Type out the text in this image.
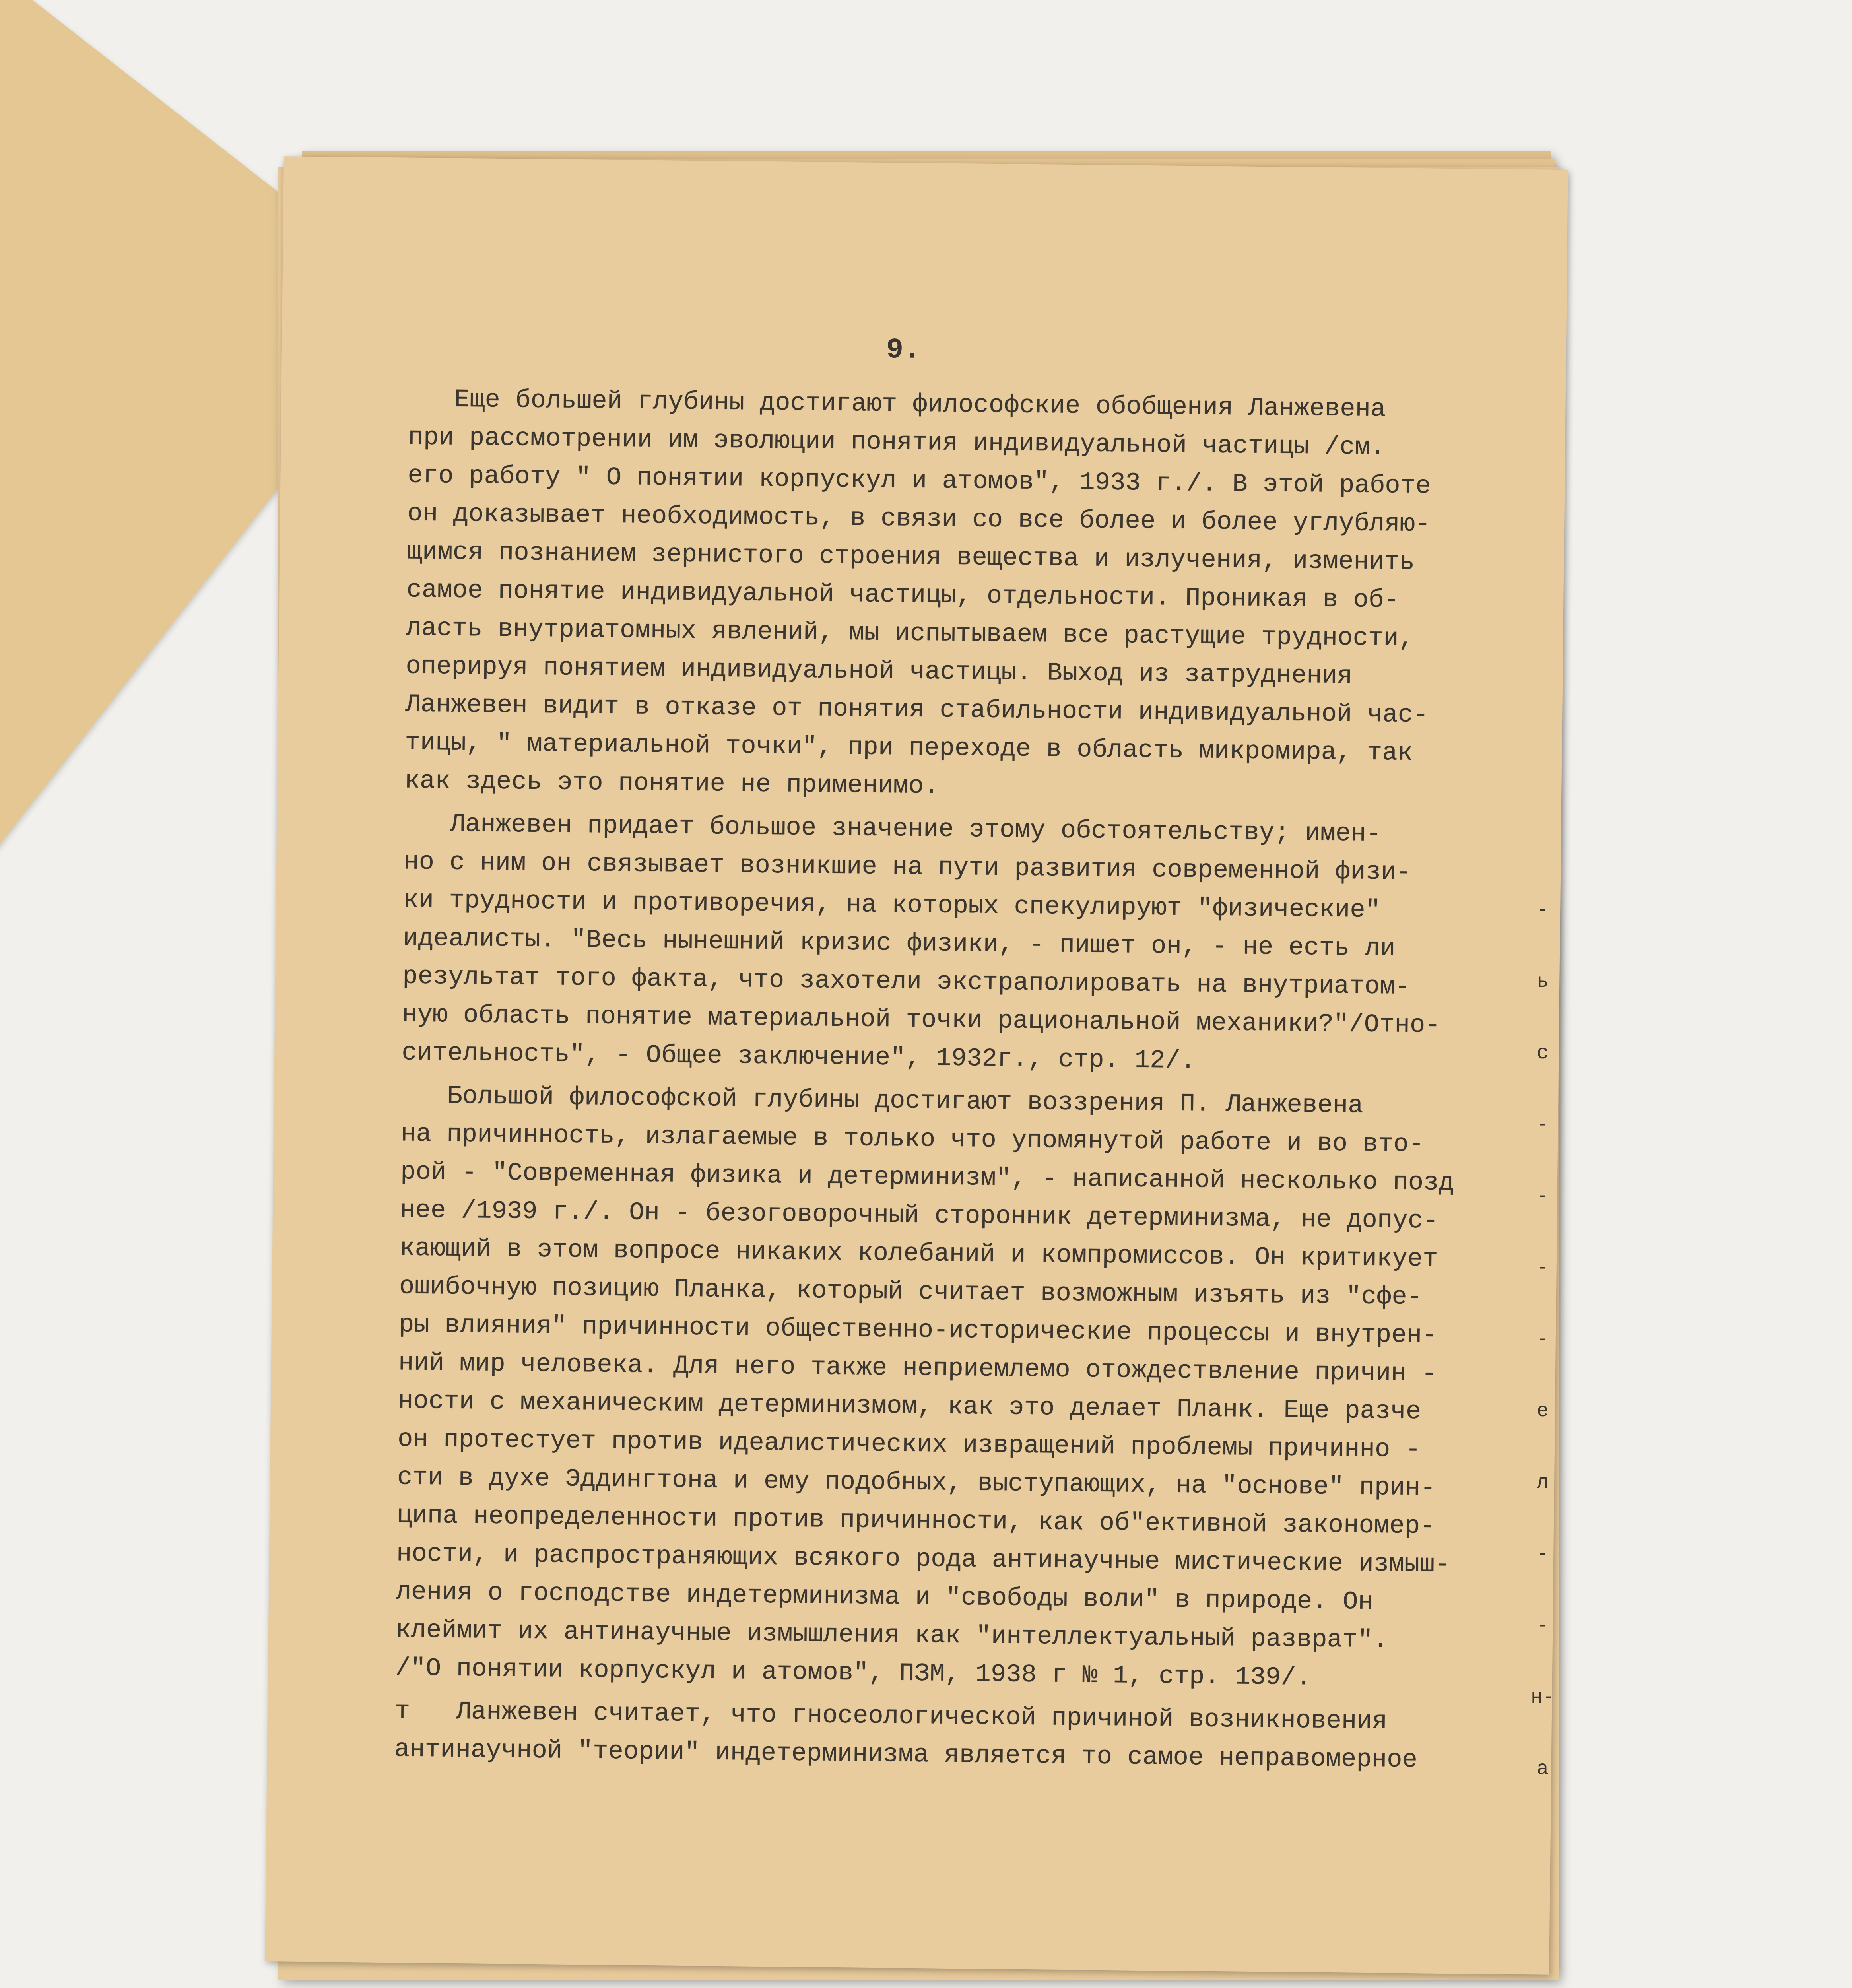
9.
Еще большей глубины достигают философские обобщения Ланжевена
при рассмотрении им эволюции понятия индивидуальной частицы /см.
его работу " О понятии корпускул и атомов", 1933 г./. В этой работе
он доказывает необходимость, в связи со все более и более углубляю-
щимся познанием зернистого строения вещества и излучения, изменить
самое понятие индивидуальной частицы, отдельности. Проникая в об-
ласть внутриатомных явлений, мы испытываем все растущие трудности,
оперируя понятием индивидуальной частицы. Выход из затруднения
Ланжевен видит в отказе от понятия стабильности индивидуальной час-
тицы, " материальной точки", при переходе в область микромира, так
как здесь это понятие не применимо.
Ланжевен придает большое значение этому обстоятельству; имен-
но с ним он связывает возникшие на пути развития современной физи-
ки трудности и противоречия, на которых спекулируют "физические"
идеалисты. "Весь нынешний кризис физики, - пишет он, - не есть ли
результат того факта, что захотели экстраполировать на внутриатом-
ную область понятие материальной точки рациональной механики?"/Отно-
сительность", - Общее заключение", 1932г., стр. 12/.
Большой философской глубины достигают воззрения П. Ланжевена
на причинность, излагаемые в только что упомянутой работе и во вто-
рой - "Современная физика и детерминизм", - написанной несколько позд
нее /1939 г./. Он - безоговорочный сторонник детерминизма, не допус-
кающий в этом вопросе никаких колебаний и компромиссов. Он критикует
ошибочную позицию Планка, который считает возможным изъять из "сфе-
ры влияния" причинности общественно-исторические процессы и внутрен-
ний мир человека. Для него также неприемлемо отождествление причин -
ности с механическим детерминизмом, как это делает Планк. Еще разче
он протестует против идеалистических извращений проблемы причинно -
сти в духе Эддингтона и ему подобных, выступающих, на "основе" прин-
ципа неопределенности против причинности, как об"ективной закономер-
ности, и распространяющих всякого рода антинаучные мистические измыш-
ления о господстве индетерминизма и "свободы воли" в природе. Он
клеймит их антинаучные измышления как "интеллектуальный разврат".
/"О понятии корпускул и атомов", ПЗМ, 1938 г № 1, стр. 139/.
т   Ланжевен считает, что гносеологической причиной возникновения
антинаучной "теории" индетерминизма является то самое неправомерное
-
ь
с
-
-
-
-
е
л
-
-
н-
а
